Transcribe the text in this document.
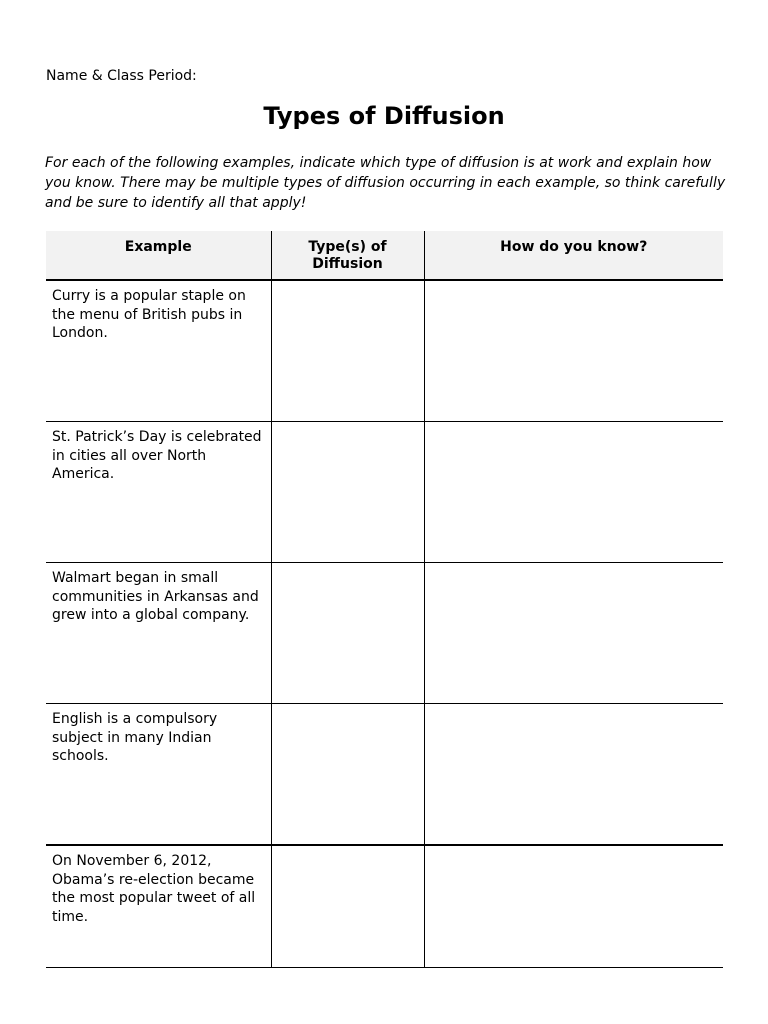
Name & Class Period:
Types of Diffusion
For each of the following examples, indicate which type of diffusion is at work and explain how you know. There may be multiple types of diffusion occurring in each example, so think carefully and be sure to identify all that apply!
Example	Type(s) of Diffusion	How do you know?
Curry is a popular staple on the menu of British pubs in London.		
St. Patrick’s Day is celebrated in cities all over North America.		
Walmart began in small communities in Arkansas and grew into a global company.		
English is a compulsory subject in many Indian schools.		
On November 6, 2012, Obama’s re-election became the most popular tweet of all time.		
